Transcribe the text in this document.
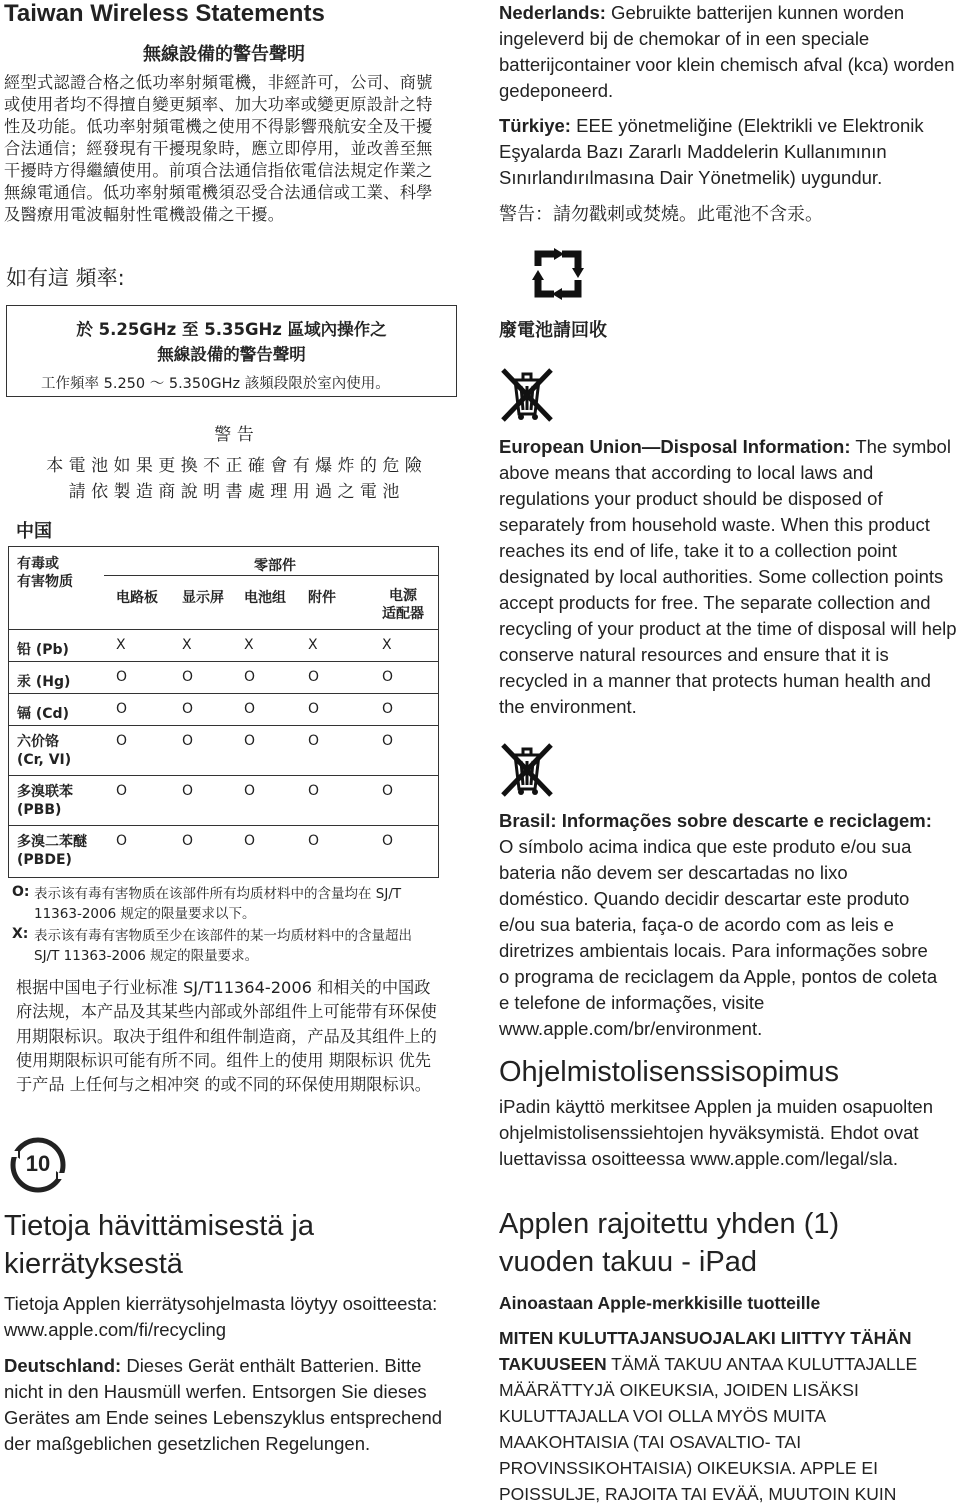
Taiwan Wireless Statements
無線設備的警告聲明
經型式認證合格之低功率射頻電機，非經許可，公司、商號或使用者均不得擅自變更頻率、加大功率或變更原設計之特性及功能。低功率射頻電機之使用不得影響飛航安全及干擾合法通信；經發現有干擾現象時，應立即停用，並改善至無干擾時方得繼續使用。前項合法通信指依電信法規定作業之無線電通信。低功率射頻電機須忍受合法通信或工業、科學及醫療用電波輻射性電機設備之干擾。
如有這 頻率:
於 5.25GHz 至 5.35GHz 區域內操作之
無線設備的警告聲明
工作頻率 5.250 ～ 5.350GHz 該頻段限於室內使用。
警 告
本 電 池 如 果 更 換 不 正 確 會 有 爆 炸 的 危 險
請 依 製 造 商 說 明 書 處 理 用 過 之 電 池
中国
有毒或
有害物质
零部件
电路板 显示屏 电池组 附件	电源
适配器
铅 (Pb)	X	X	X	X	X
汞 (Hg)	O	O	O	O	O
镉 (Cd)	O	O	O	O	O
六价铬
(Cr, VI)
O	O	O	O	O
多溴联苯
(PBB)
O	O	O	O	O
多溴二苯醚
(PBDE)
O	O	O	O	O
O: 表示该有毒有害物质在该部件所有均质材料中的含量均在 SJ/T 11363-2006 规定的限量要求以下。
X: 表示该有毒有害物质至少在该部件的某一均质材料中的含量超出 SJ/T 11363-2006 规定的限量要求。
根据中国电子行业标准 SJ/T11364-2006 和相关的中国政府法规，本产品及其某些内部或外部组件上可能带有环保使用期限标识。取决于组件和组件制造商，产品及其组件上的使用期限标识可能有所不同。组件上的使用 期限标识 优先于产品 上任何与之相冲突 的或不同的环保使用期限标识。
10
Tietoja hävittämisestä ja kierrätyksestä
Tietoja Applen kierrätysohjelmasta löytyy osoitteesta: www.apple.com/fi/recycling
Deutschland: Dieses Gerät enthält Batterien. Bitte nicht in den Hausmüll werfen. Entsorgen Sie dieses Gerätes am Ende seines Lebenszyklus entsprechend der maßgeblichen gesetzlichen Regelungen.
Nederlands: Gebruikte batterijen kunnen worden ingeleverd bij de chemokar of in een speciale batterijcontainer voor klein chemisch afval (kca) worden gedeponeerd.
Türkiye: EEE yönetmeliğine (Elektrikli ve Elektronik Eşyalarda Bazı Zararlı Maddelerin Kullanımının Sınırlandırılmasına Dair Yönetmelik) uygundur.
警告：請勿戳刺或焚燒。此電池不含汞。
廢電池請回收
European Union—Disposal Information: The symbol above means that according to local laws and regulations your product should be disposed of separately from household waste. When this product reaches its end of life, take it to a collection point designated by local authorities. Some collection points accept products for free. The separate collection and recycling of your product at the time of disposal will help conserve natural resources and ensure that it is recycled in a manner that protects human health and the environment.
Brasil: Informações sobre descarte e reciclagem:
O símbolo acima indica que este produto e/ou sua bateria não devem ser descartadas no lixo doméstico. Quando decidir descartar este produto e/ou sua bateria, faça-o de acordo com as leis e diretrizes ambientais locais. Para informações sobre o programa de reciclagem da Apple, pontos de coleta e telefone de informações, visite www.apple.com/br/environment.
Ohjelmistolisenssisopimus
iPadin käyttö merkitsee Applen ja muiden osapuolten ohjelmistolisenssiehtojen hyväksymistä. Ehdot ovat luettavissa osoitteessa www.apple.com/legal/sla.
Applen rajoitettu yhden (1) vuoden takuu - iPad
Ainoastaan Apple-merkkisille tuotteille
MITEN KULUTTAJANSUOJALAKI LIITTYY TÄHÄN TAKUUSEEN TÄMÄ TAKUU ANTAA KULUTTAJALLE MÄÄRÄTTYJÄ OIKEUKSIA, JOIDEN LISÄKSI KULUTTAJALLA VOI OLLA MYÖS MUITA MAAKOHTAISIA (TAI OSAVALTIO- TAI PROVINSSIKOHTAISIA) OIKEUKSIA. APPLE EI POISSULJE, RAJOITA TAI EVÄÄ, MUUTOIN KUIN
